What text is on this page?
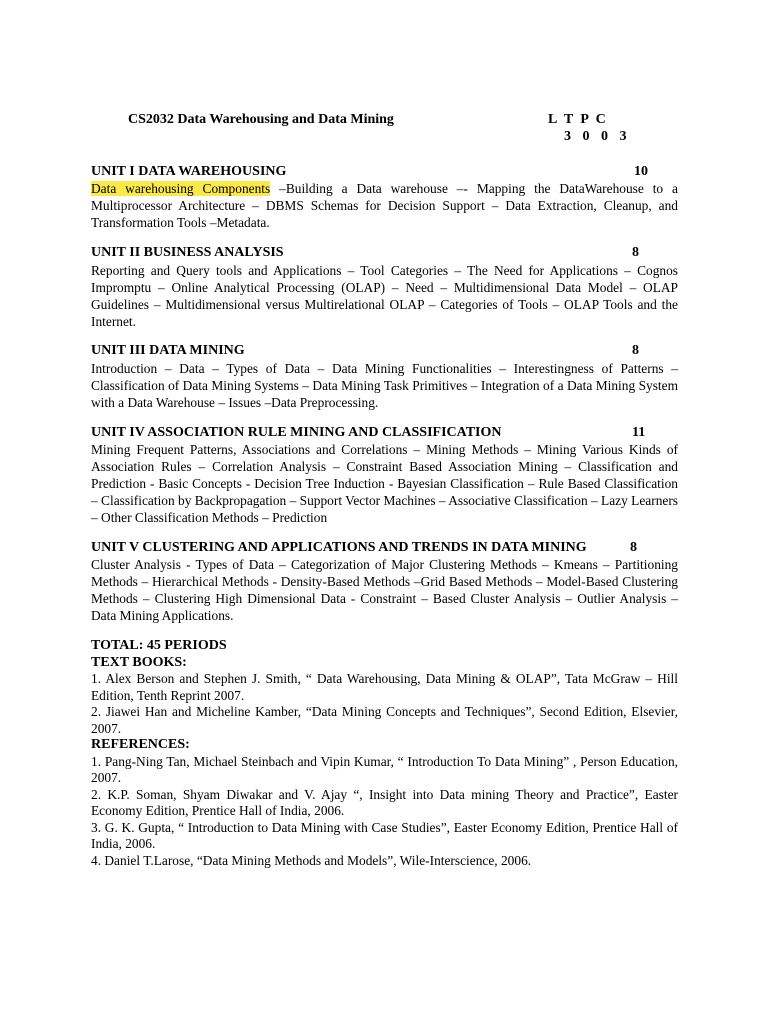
CS2032 Data Warehousing and Data Mining	L T P C
3 0 0 3
UNIT I DATA WAREHOUSING	10
Data warehousing Components –Building a Data warehouse –- Mapping the DataWarehouse to a Multiprocessor Architecture – DBMS Schemas for Decision Support – Data Extraction, Cleanup, and Transformation Tools –Metadata.
UNIT II BUSINESS ANALYSIS	8
Reporting and Query tools and Applications – Tool Categories – The Need for Applications – Cognos Impromptu – Online Analytical Processing (OLAP) – Need – Multidimensional Data Model – OLAP Guidelines – Multidimensional versus Multirelational OLAP – Categories of Tools – OLAP Tools and the Internet.
UNIT III DATA MINING	8
Introduction – Data – Types of Data – Data Mining Functionalities – Interestingness of Patterns – Classification of Data Mining Systems – Data Mining Task Primitives – Integration of a Data Mining System with a Data Warehouse – Issues –Data Preprocessing.
UNIT IV ASSOCIATION RULE MINING AND CLASSIFICATION	11
Mining Frequent Patterns, Associations and Correlations – Mining Methods – Mining Various Kinds of Association Rules – Correlation Analysis – Constraint Based Association Mining – Classification and Prediction - Basic Concepts - Decision Tree Induction - Bayesian Classification – Rule Based Classification – Classification by Backpropagation – Support Vector Machines – Associative Classification – Lazy Learners – Other Classification Methods – Prediction
UNIT V CLUSTERING AND APPLICATIONS AND TRENDS IN DATA MINING	8
Cluster Analysis - Types of Data – Categorization of Major Clustering Methods – Kmeans – Partitioning Methods – Hierarchical Methods - Density-Based Methods –Grid Based Methods – Model-Based Clustering Methods – Clustering High Dimensional Data - Constraint – Based Cluster Analysis – Outlier Analysis – Data Mining Applications.
TOTAL: 45 PERIODS
TEXT BOOKS:
1. Alex Berson and Stephen J. Smith, “ Data Warehousing, Data Mining & OLAP”, Tata McGraw – Hill Edition, Tenth Reprint 2007.
2. Jiawei Han and Micheline Kamber, “Data Mining Concepts and Techniques”, Second Edition, Elsevier, 2007.
REFERENCES:
1. Pang-Ning Tan, Michael Steinbach and Vipin Kumar, “ Introduction To Data Mining” , Person Education, 2007.
2. K.P. Soman, Shyam Diwakar and V. Ajay “, Insight into Data mining Theory and Practice”, Easter Economy Edition, Prentice Hall of India, 2006.
3. G. K. Gupta, “ Introduction to Data Mining with Case Studies”, Easter Economy Edition, Prentice Hall of India, 2006.
4. Daniel T.Larose, “Data Mining Methods and Models”, Wile-Interscience, 2006.
